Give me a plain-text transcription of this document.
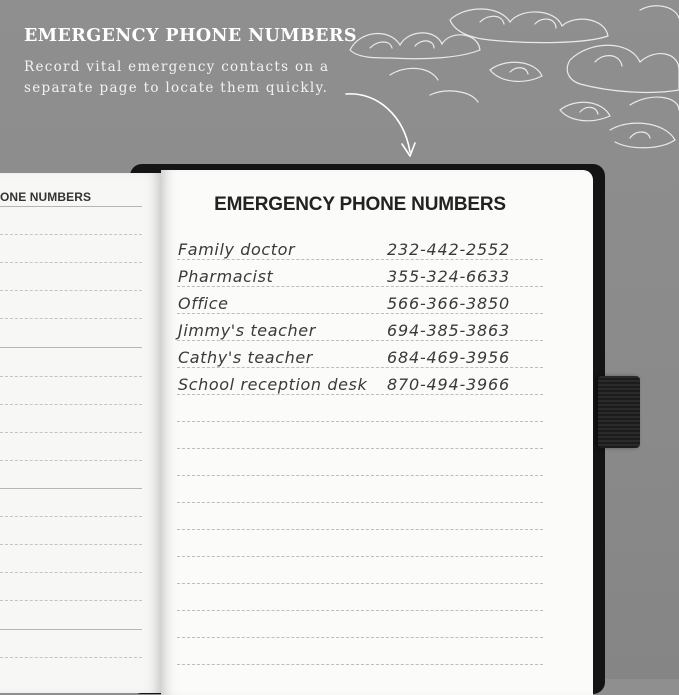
EMERGENCY PHONE NUMBERS
Record vital emergency contacts on a separate page to locate them quickly.
ONE NUMBERS	EMERGENCY PHONE NUMBERS
Family doctor	232-442-2552
Pharmacist	355-324-6633
Office	566-366-3850
Jimmy's teacher	694-385-3863
Cathy's teacher	684-469-3956
School reception desk 870-494-3966
